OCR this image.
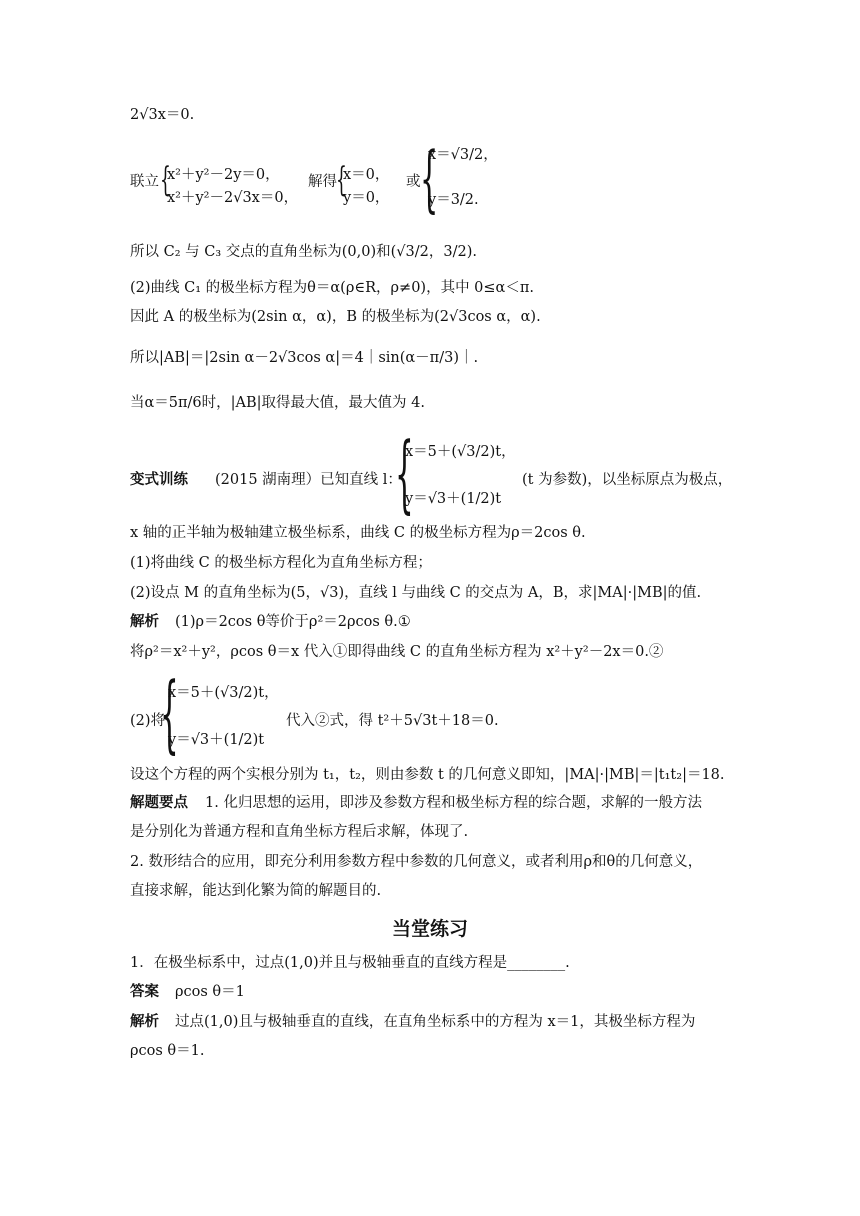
2√3x＝0.
联立 {
x²＋y²－2y＝0，
x²＋y²－2√3x＝0，
解得 {
x＝0，
y＝0，
或 {
x＝√3/2，
y＝3/2.
所以 C₂ 与 C₃ 交点的直角坐标为(0,0)和(√3/2，3/2).
(2)曲线 C₁ 的极坐标方程为θ＝α(ρ∈R，ρ≠0)，其中 0≤α＜π.
因此 A 的极坐标为(2sin α，α)，B 的极坐标为(2√3cos α，α).
所以|AB|＝|2sin α－2√3cos α|＝4｜sin(α－π/3)｜.
当α＝5π/6时，|AB|取得最大值，最大值为 4.
变式训练 (2015 湖南理）已知直线 l：
{
x＝5＋(√3/2)t，
y＝√3＋(1/2)t
(t 为参数)，以坐标原点为极点，
x 轴的正半轴为极轴建立极坐标系，曲线 C 的极坐标方程为ρ＝2cos θ.
(1)将曲线 C 的极坐标方程化为直角坐标方程；
(2)设点 M 的直角坐标为(5，√3)，直线 l 与曲线 C 的交点为 A，B，求|MA|·|MB|的值.
解析 (1)ρ＝2cos θ等价于ρ²＝2ρcos θ.①
将ρ²＝x²＋y²，ρcos θ＝x 代入①即得曲线 C 的直角坐标方程为 x²＋y²－2x＝0.②
(2)将
{
x＝5＋(√3/2)t，
y＝√3＋(1/2)t
代入②式，得 t²＋5√3t＋18＝0.
设这个方程的两个实根分别为 t₁，t₂，则由参数 t 的几何意义即知，|MA|·|MB|＝|t₁t₂|＝18.
解题要点 1. 化归思想的运用，即涉及参数方程和极坐标方程的综合题，求解的一般方法
是分别化为普通方程和直角坐标方程后求解，体现了.
2. 数形结合的应用，即充分利用参数方程中参数的几何意义，或者利用ρ和θ的几何意义，
直接求解，能达到化繁为简的解题目的.
当堂练习
1．在极坐标系中，过点(1,0)并且与极轴垂直的直线方程是________.
答案 ρcos θ＝1
解析 过点(1,0)且与极轴垂直的直线，在直角坐标系中的方程为 x＝1，其极坐标方程为
ρcos θ＝1.
